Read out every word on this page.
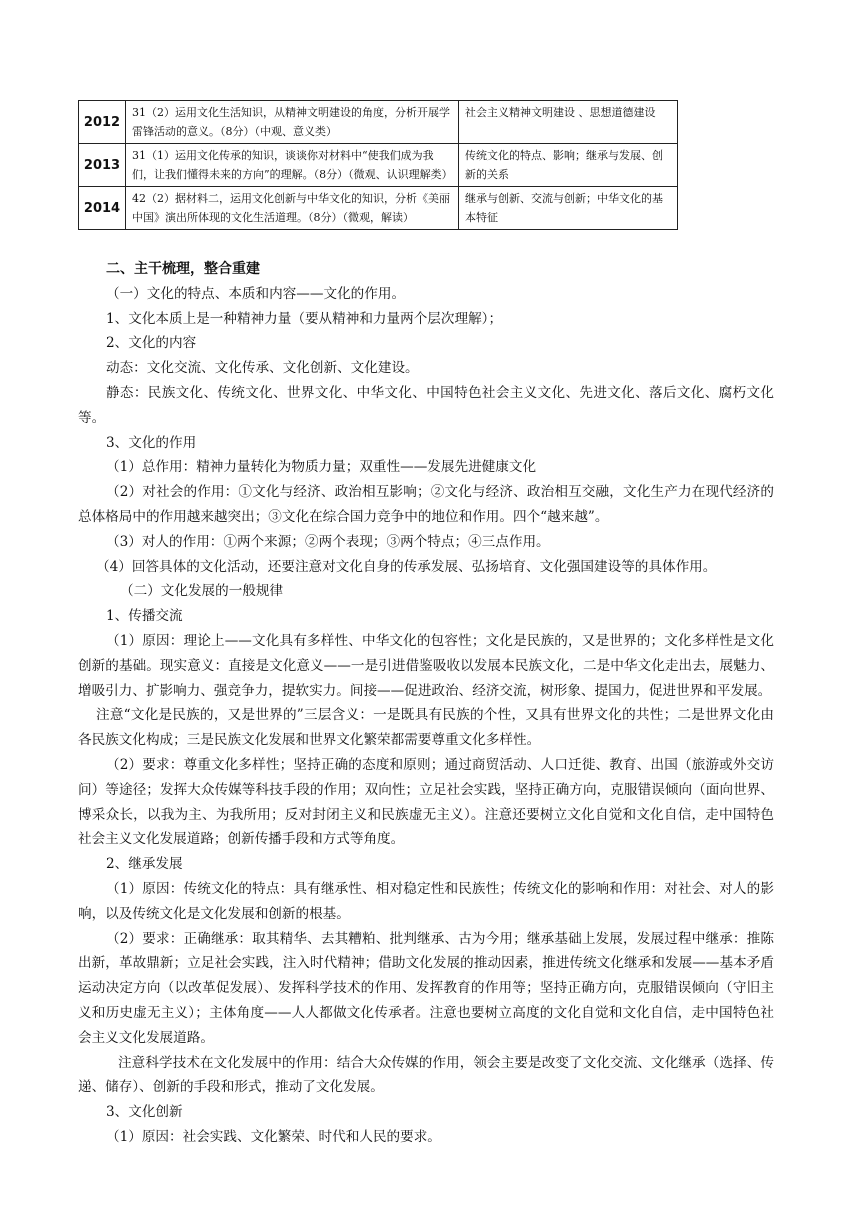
2012	31（2）运用文化生活知识，从精神文明建设的角度，分析开展学雷锋活动的意义。（8分）（中观、意义类）	社会主义精神文明建设 、思想道德建设
2013	31（1）运用文化传承的知识，谈谈你对材料中“使我们成为我们，让我们懂得未来的方向”的理解。（8分）（微观、认识理解类）	传统文化的特点、影响；继承与发展、创新的关系
2014	42（2）据材料二，运用文化创新与中华文化的知识，分析《美丽中国》演出所体现的文化生活道理。（8分）（微观，解读）	继承与创新、交流与创新；中华文化的基本特征

二、主干梳理，整合重建

（一）文化的特点、本质和内容——文化的作用。

1、文化本质上是一种精神力量（要从精神和力量两个层次理解）；

2、文化的内容

动态：文化交流、文化传承、文化创新、文化建设。

静态：民族文化、传统文化、世界文化、中华文化、中国特色社会主义文化、先进文化、落后文化、腐朽文化等。

3、文化的作用

（1）总作用：精神力量转化为物质力量；双重性——发展先进健康文化

（2）对社会的作用：①文化与经济、政治相互影响；②文化与经济、政治相互交融，文化生产力在现代经济的总体格局中的作用越来越突出；③文化在综合国力竞争中的地位和作用。四个“越来越”。

（3）对人的作用：①两个来源；②两个表现；③两个特点；④三点作用。

（4）回答具体的文化活动，还要注意对文化自身的传承发展、弘扬培育、文化强国建设等的具体作用。

（二）文化发展的一般规律

1、传播交流

（1）原因：理论上——文化具有多样性、中华文化的包容性；文化是民族的，又是世界的；文化多样性是文化创新的基础。现实意义：直接是文化意义——一是引进借鉴吸收以发展本民族文化，二是中华文化走出去，展魅力、增吸引力、扩影响力、强竞争力，提软实力。间接——促进政治、经济交流，树形象、提国力，促进世界和平发展。

注意“文化是民族的，又是世界的”三层含义：一是既具有民族的个性，又具有世界文化的共性；二是世界文化由各民族文化构成；三是民族文化发展和世界文化繁荣都需要尊重文化多样性。

（2）要求：尊重文化多样性；坚持正确的态度和原则；通过商贸活动、人口迁徙、教育、出国（旅游或外交访问）等途径；发挥大众传媒等科技手段的作用；双向性；立足社会实践，坚持正确方向，克服错误倾向（面向世界、博采众长，以我为主、为我所用；反对封闭主义和民族虚无主义）。注意还要树立文化自觉和文化自信，走中国特色社会主义文化发展道路；创新传播手段和方式等角度。

2、继承发展

（1）原因：传统文化的特点：具有继承性、相对稳定性和民族性；传统文化的影响和作用：对社会、对人的影响，以及传统文化是文化发展和创新的根基。

（2）要求：正确继承：取其精华、去其糟粕、批判继承、古为今用；继承基础上发展，发展过程中继承：推陈出新，革故鼎新；立足社会实践，注入时代精神；借助文化发展的推动因素，推进传统文化继承和发展——基本矛盾运动决定方向（以改革促发展）、发挥科学技术的作用、发挥教育的作用等；坚持正确方向，克服错误倾向（守旧主义和历史虚无主义）；主体角度——人人都做文化传承者。注意也要树立高度的文化自觉和文化自信，走中国特色社会主义文化发展道路。

注意科学技术在文化发展中的作用：结合大众传媒的作用，领会主要是改变了文化交流、文化继承（选择、传递、储存）、创新的手段和形式，推动了文化发展。

3、文化创新

（1）原因：社会实践、文化繁荣、时代和人民的要求。
